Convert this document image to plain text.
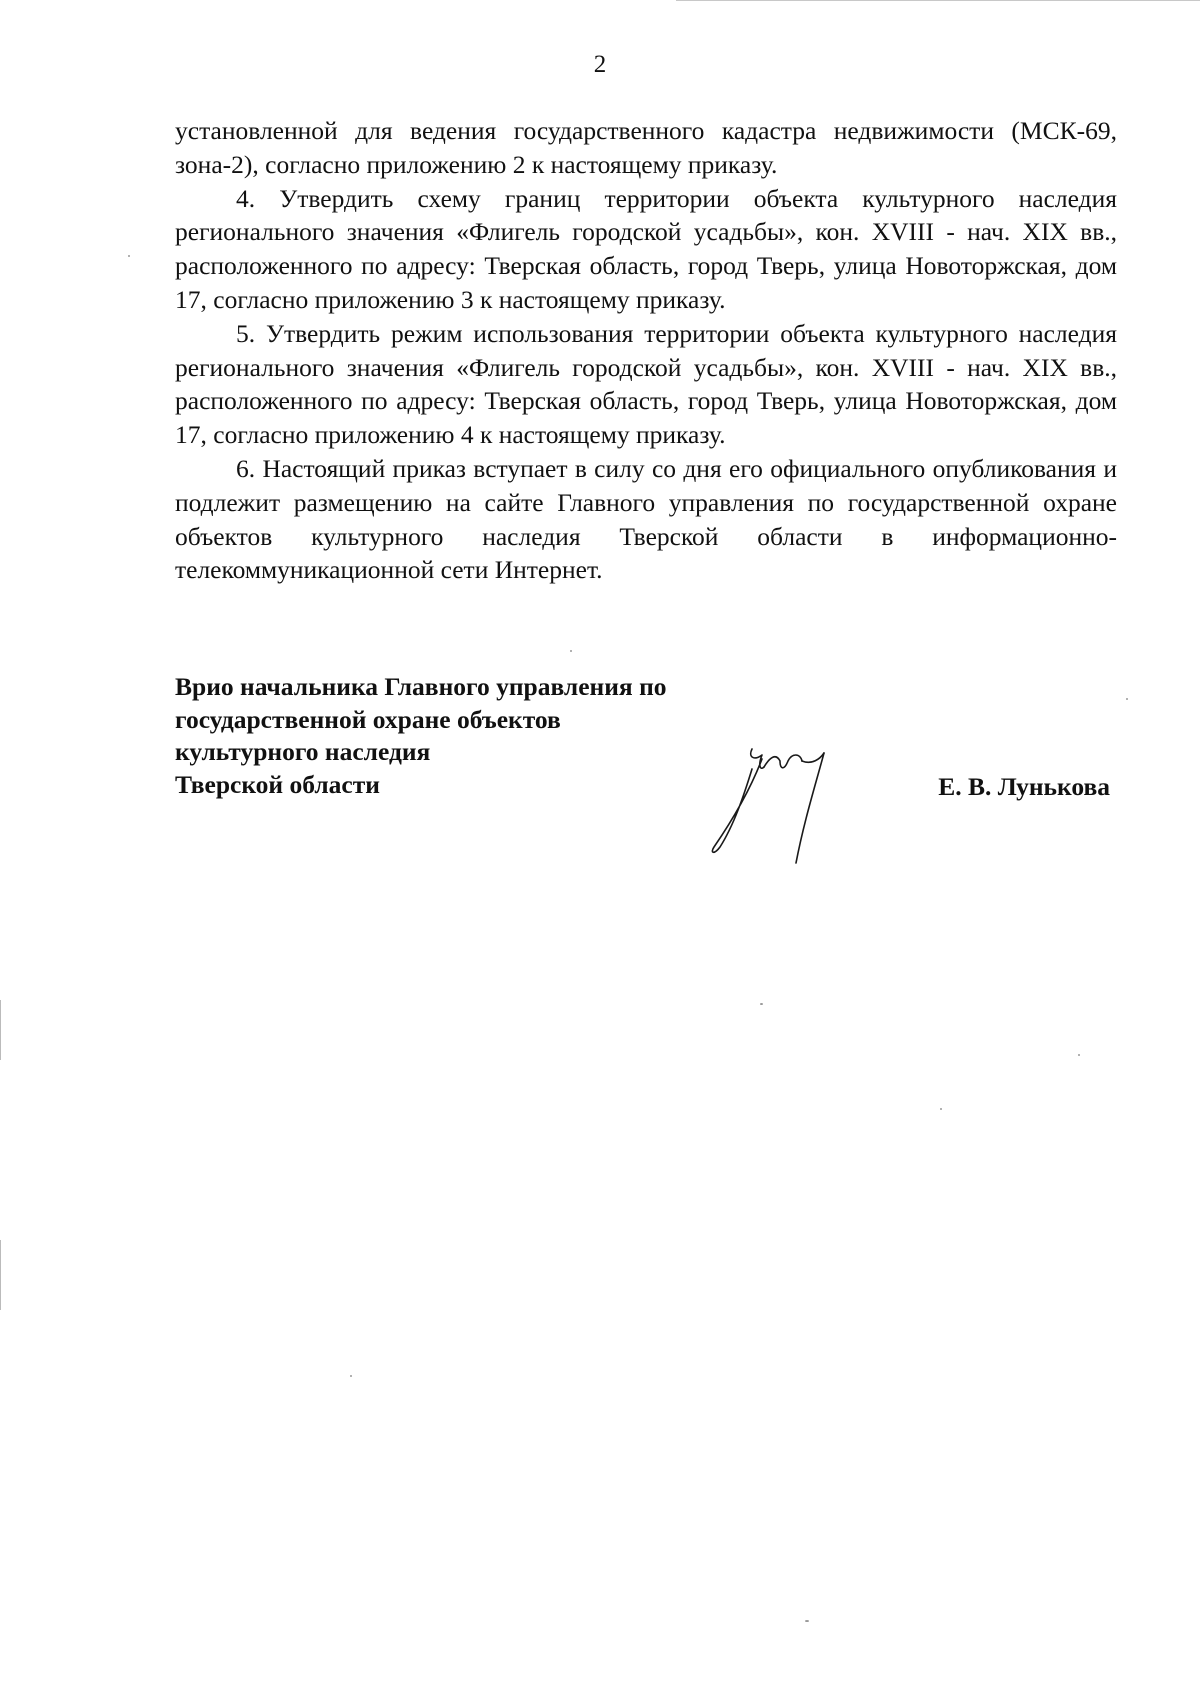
2

установленной для ведения государственного кадастра недвижимости (МСК-69, зона-2), согласно приложению 2 к настоящему приказу.

4. Утвердить схему границ территории объекта культурного наследия регионального значения «Флигель городской усадьбы», кон. XVIII - нач. XIX вв., расположенного по адресу: Тверская область, город Тверь, улица Новоторжская, дом 17, согласно приложению 3 к настоящему приказу.

5. Утвердить режим использования территории объекта культурного наследия регионального значения «Флигель городской усадьбы», кон. XVIII - нач. XIX вв., расположенного по адресу: Тверская область, город Тверь, улица Новоторжская, дом 17, согласно приложению 4 к настоящему приказу.

6. Настоящий приказ вступает в силу со дня его официального опубликования и подлежит размещению на сайте Главного управления по государственной охране объектов культурного наследия Тверской области в информационно-телекоммуникационной сети Интернет.

Врио начальника Главного управления по
государственной охране объектов
культурного наследия
Тверской области	Е. В. Лунькова
